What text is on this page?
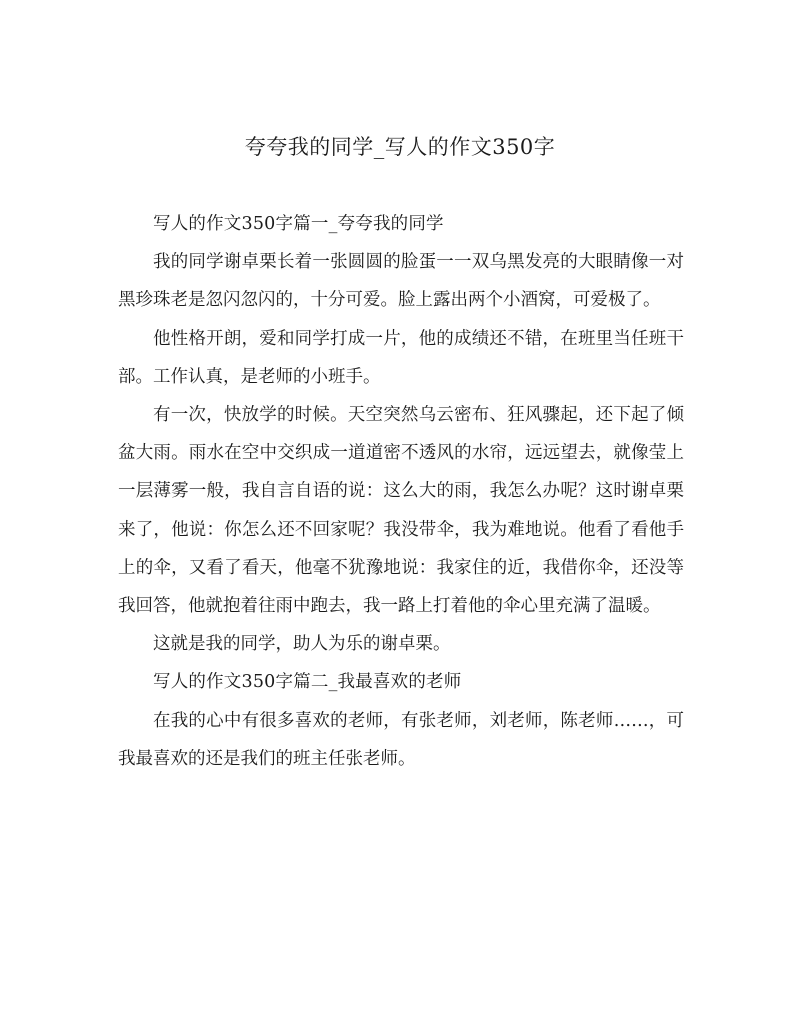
夸夸我的同学_写人的作文350字

写人的作文350字篇一_夸夸我的同学

我的同学谢卓栗长着一张圆圆的脸蛋一一双乌黑发亮的大眼睛像一对黑珍珠老是忽闪忽闪的，十分可爱。脸上露出两个小酒窝，可爱极了。

他性格开朗，爱和同学打成一片，他的成绩还不错，在班里当任班干部。工作认真，是老师的小班手。

有一次，快放学的时候。天空突然乌云密布、狂风骤起，还下起了倾盆大雨。雨水在空中交织成一道道密不透风的水帘，远远望去，就像莹上一层薄雾一般，我自言自语的说：这么大的雨，我怎么办呢？这时谢卓栗来了，他说：你怎么还不回家呢？我没带伞，我为难地说。他看了看他手上的伞，又看了看天，他毫不犹豫地说：我家住的近，我借你伞，还没等我回答，他就抱着往雨中跑去，我一路上打着他的伞心里充满了温暖。

这就是我的同学，助人为乐的谢卓栗。

写人的作文350字篇二_我最喜欢的老师

在我的心中有很多喜欢的老师，有张老师，刘老师，陈老师……，可我最喜欢的还是我们的班主任张老师。
